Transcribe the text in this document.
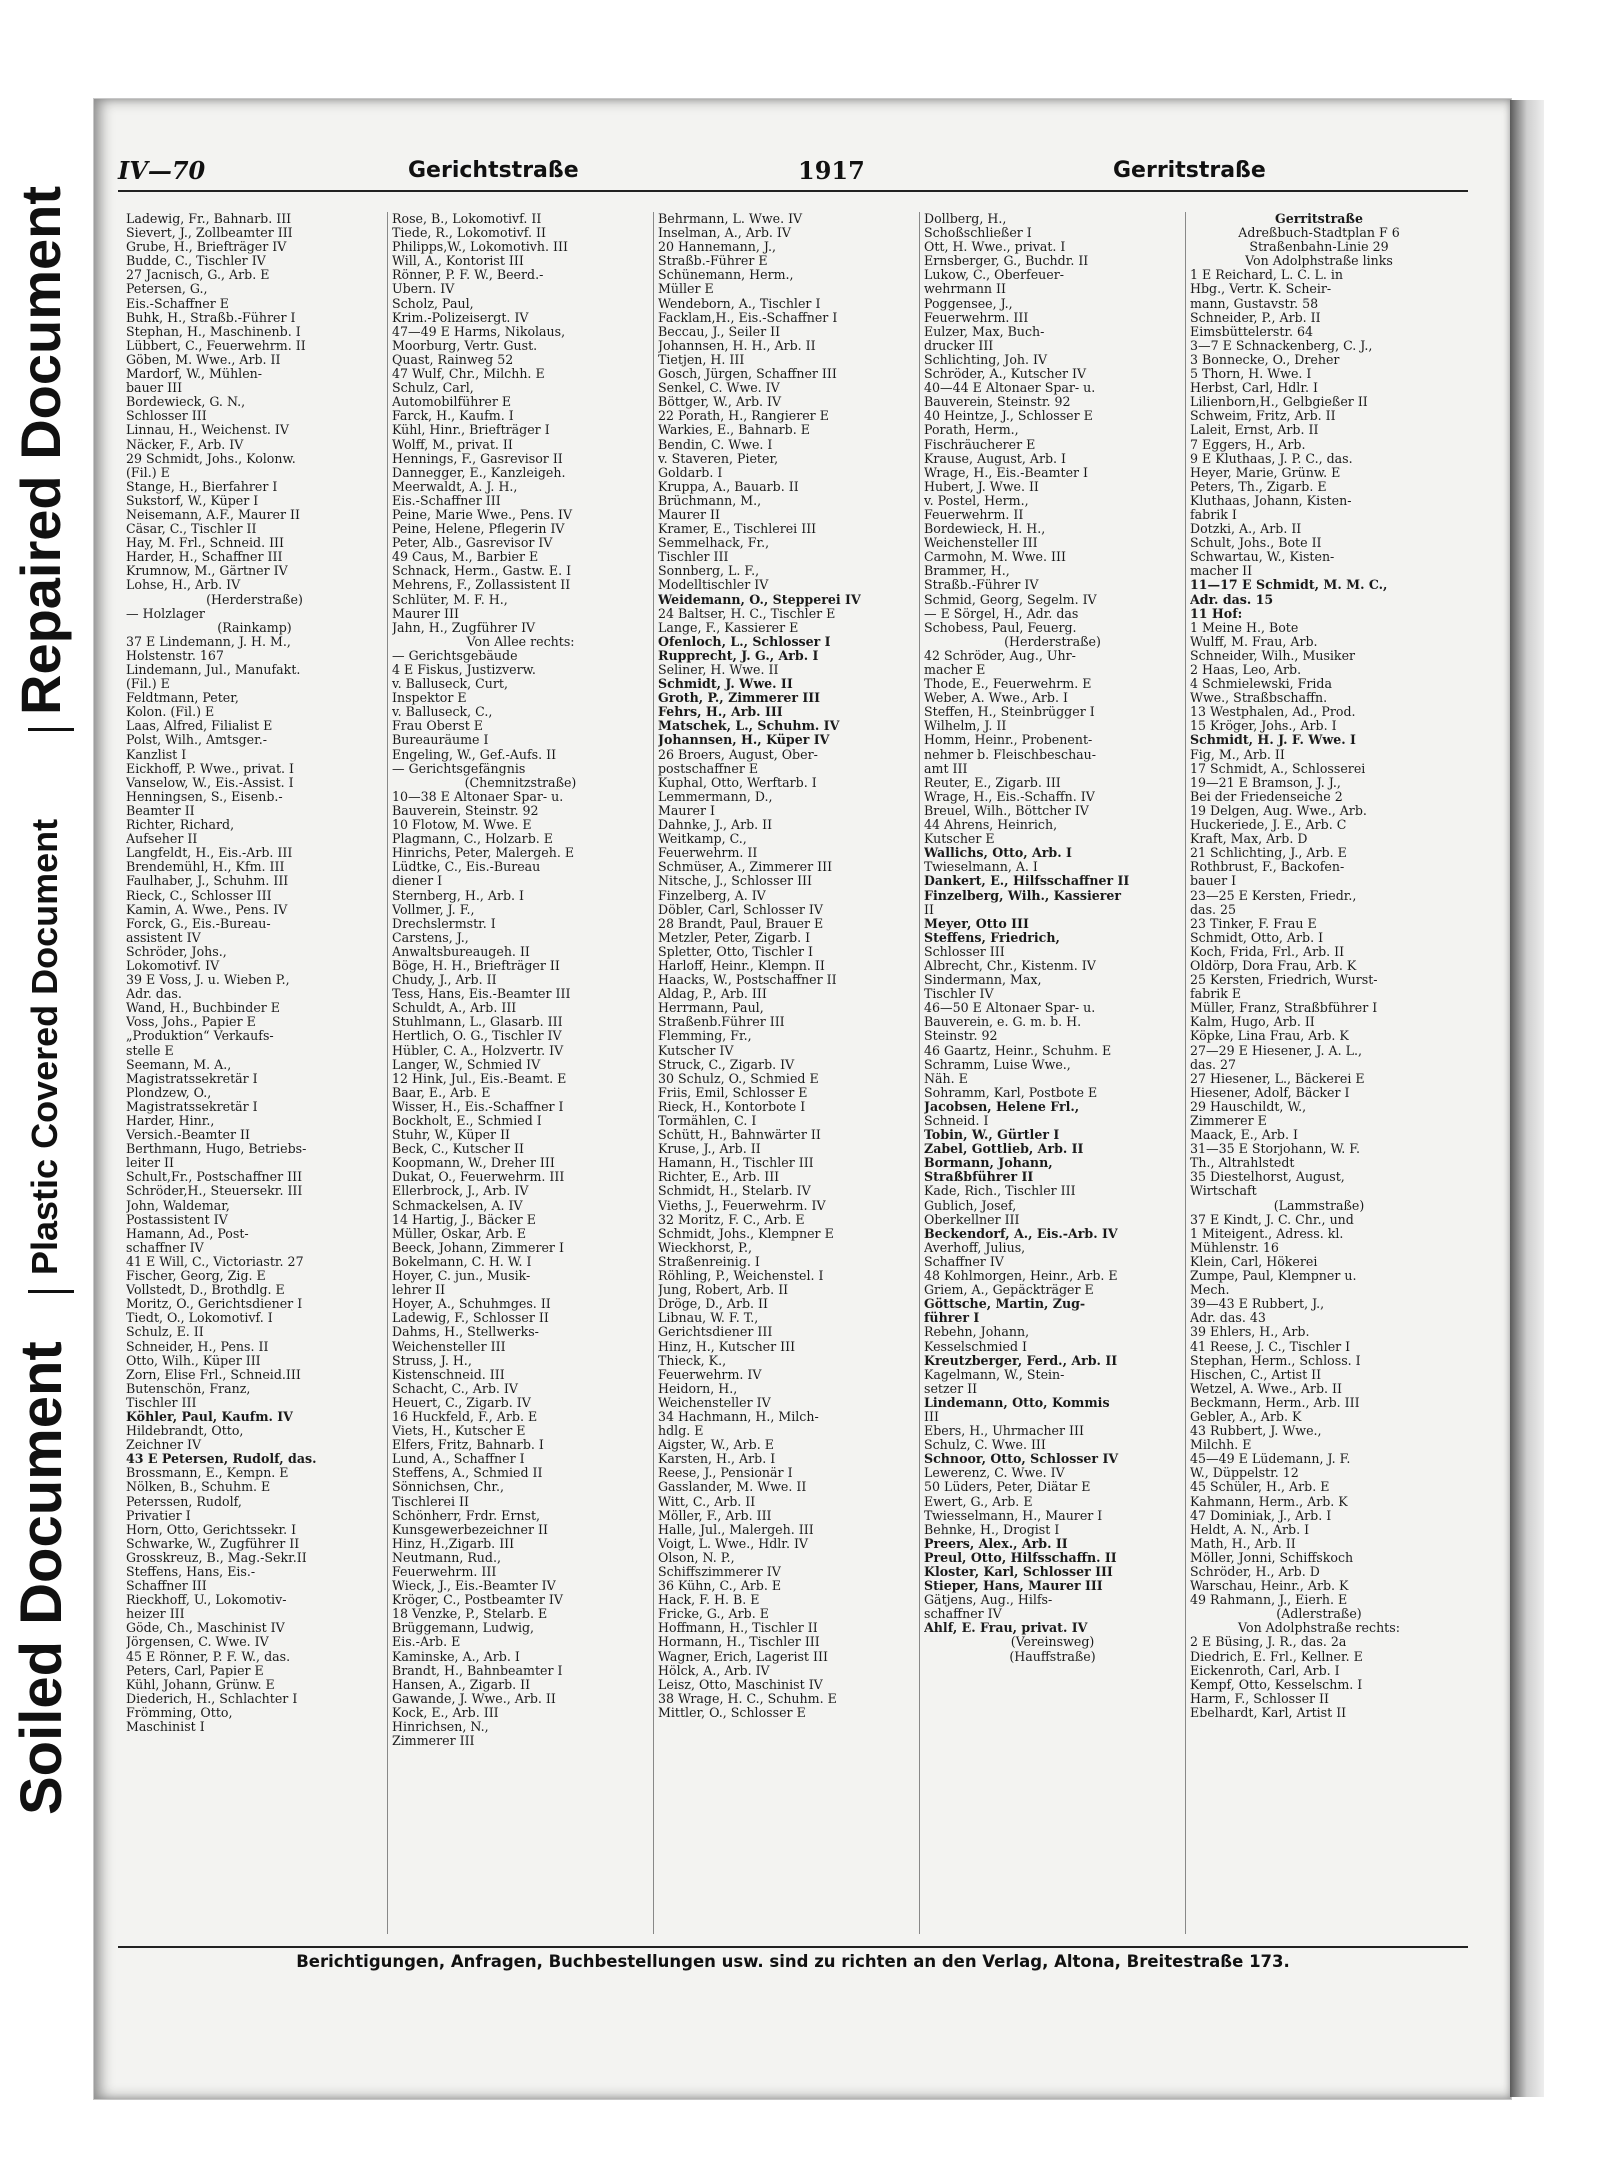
Soiled Document
Plastic Covered Document
Repaired Document
IV—70	Gerichtstraße	1917	Gerritstraße
Ladewig, Fr., Bahnarb. III
Sievert, J., Zollbeamter III
Grube, H., Briefträger IV
Budde, C., Tischler IV
27 Jacnisch, G., Arb. E
Petersen, G.,
Eis.-Schaffner E
Buhk, H., Straßb.-Führer I
Stephan, H., Maschinenb. I
Lübbert, C., Feuerwehrm. II
Göben, M. Wwe., Arb. II
Mardorf, W., Mühlen-
bauer III
Bordewieck, G. N.,
Schlosser III
Linnau, H., Weichenst. IV
Näcker, F., Arb. IV
29 Schmidt, Johs., Kolonw.
(Fil.) E
Stange, H., Bierfahrer I
Sukstorf, W., Küper I
Neisemann, A.F., Maurer II
Cäsar, C., Tischler II
Hay, M. Frl., Schneid. III
Harder, H., Schaffner III
Krumnow, M., Gärtner IV
Lohse, H., Arb. IV
(Herderstraße)
— Holzlager
(Rainkamp)
37 E Lindemann, J. H. M.,
Holstenstr. 167
Lindemann, Jul., Manufakt.
(Fil.) E
Feldtmann, Peter,
Kolon. (Fil.) E
Laas, Alfred, Filialist E
Polst, Wilh., Amtsger.-
Kanzlist I
Eickhoff, P. Wwe., privat. I
Vanselow, W., Eis.-Assist. I
Henningsen, S., Eisenb.-
Beamter II
Richter, Richard,
Aufseher II
Langfeldt, H., Eis.-Arb. III
Brendemühl, H., Kfm. III
Faulhaber, J., Schuhm. III
Rieck, C., Schlosser III
Kamin, A. Wwe., Pens. IV
Forck, G., Eis.-Bureau-
assistent IV
Schröder, Johs.,
Lokomotivf. IV
39 E Voss, J. u. Wieben P.,
Adr. das.
Wand, H., Buchbinder E
Voss, Johs., Papier E
„Produktion“ Verkaufs-
stelle E
Seemann, M. A.,
Magistratssekretär I
Plondzew, O.,
Magistratssekretär I
Harder, Hinr.,
Versich.-Beamter II
Berthmann, Hugo, Betriebs-
leiter II
Schult,Fr., Postschaffner III
Schröder,H., Steuersekr. III
John, Waldemar,
Postassistent IV
Hamann, Ad., Post-
schaffner IV
41 E Will, C., Victoriastr. 27
Fischer, Georg, Zig. E
Vollstedt, D., Brothdlg. E
Moritz, O., Gerichtsdiener I
Tiedt, O., Lokomotivf. I
Schulz, E. II
Schneider, H., Pens. II
Otto, Wilh., Küper III
Zorn, Elise Frl., Schneid.III
Butenschön, Franz,
Tischler III
Köhler, Paul, Kaufm. IV
Hildebrandt, Otto,
Zeichner IV
43 E Petersen, Rudolf, das.
Brossmann, E., Kempn. E
Nölken, B., Schuhm. E
Peterssen, Rudolf,
Privatier I
Horn, Otto, Gerichtssekr. I
Schwarke, W., Zugführer II
Grosskreuz, B., Mag.-Sekr.II
Steffens, Hans, Eis.-
Schaffner III
Rieckhoff, U., Lokomotiv-
heizer III
Göde, Ch., Maschinist IV
Jörgensen, C. Wwe. IV
45 E Rönner, P. F. W., das.
Peters, Carl, Papier E
Kühl, Johann, Grünw. E
Diederich, H., Schlachter I
Frömming, Otto,
Maschinist I
Rose, B., Lokomotivf. II
Tiede, R., Lokomotivf. II
Philipps,W., Lokomotivh. III
Will, A., Kontorist III
Rönner, P. F. W., Beerd.-
Übern. IV
Scholz, Paul,
Krim.-Polizeisergt. IV
47—49 E Harms, Nikolaus,
Moorburg, Vertr. Gust.
Quast, Rainweg 52
47 Wulf, Chr., Milchh. E
Schulz, Carl,
Automobilführer E
Farck, H., Kaufm. I
Kühl, Hinr., Briefträger I
Wolff, M., privat. II
Hennings, F., Gasrevisor II
Dannegger, E., Kanzleigeh.
Meerwaldt, A. J. H.,
Eis.-Schaffner III
Peine, Marie Wwe., Pens. IV
Peine, Helene, Pflegerin IV
Peter, Alb., Gasrevisor IV
49 Caus, M., Barbier E
Schnack, Herm., Gastw. E. I
Mehrens, F., Zollassistent II
Schlüter, M. F. H.,
Maurer III
Jahn, H., Zugführer IV
Von Allee rechts:
— Gerichtsgebäude
4 E Fiskus, Justizverw.
v. Balluseck, Curt,
Inspektor E
v. Balluseck, C.,
Frau Oberst E
Bureauräume I
Engeling, W., Gef.-Aufs. II
— Gerichtsgefängnis
(Chemnitzstraße)
10—38 E Altonaer Spar- u.
Bauverein, Steinstr. 92
10 Flotow, M. Wwe. E
Plagmann, C., Holzarb. E
Hinrichs, Peter, Malergeh. E
Lüdtke, C., Eis.-Bureau
diener I
Sternberg, H., Arb. I
Vollmer, J. F.,
Drechslermstr. I
Carstens, J.,
Anwaltsbureaugeh. II
Böge, H. H., Briefträger II
Chudy, J., Arb. II
Tess, Hans, Eis.-Beamter III
Schuldt, A., Arb. III
Stuhlmann, L., Glasarb. III
Hertlich, O. G., Tischler IV
Hübler, C. A., Holzvertr. IV
Langer, W., Schmied IV
12 Hink, Jul., Eis.-Beamt. E
Baar, E., Arb. E
Wisser, H., Eis.-Schaffner I
Bockholt, E., Schmied I
Stuhr, W., Küper II
Beck, C., Kutscher II
Koopmann, W., Dreher III
Dukat, O., Feuerwehrm. III
Ellerbrock, J., Arb. IV
Schmackelsen, A. IV
14 Hartig, J., Bäcker E
Müller, Oskar, Arb. E
Beeck, Johann, Zimmerer I
Bokelmann, C. H. W. I
Hoyer, C. jun., Musik-
lehrer II
Hoyer, A., Schuhmges. II
Ladewig, F., Schlosser II
Dahms, H., Stellwerks-
Weichensteller III
Struss, J. H.,
Kistenschneid. III
Schacht, C., Arb. IV
Heuert, C., Zigarb. IV
16 Huckfeld, F., Arb. E
Viets, H., Kutscher E
Elfers, Fritz, Bahnarb. I
Lund, A., Schaffner I
Steffens, A., Schmied II
Sönnichsen, Chr.,
Tischlerei II
Schönherr, Frdr. Ernst,
Kunsgewerbezeichner II
Hinz, H.,Zigarb. III
Neutmann, Rud.,
Feuerwehrm. III
Wieck, J., Eis.-Beamter IV
Kröger, C., Postbeamter IV
18 Venzke, P., Stelarb. E
Brüggemann, Ludwig,
Eis.-Arb. E
Kaminske, A., Arb. I
Brandt, H., Bahnbeamter I
Hansen, A., Zigarb. II
Gawande, J. Wwe., Arb. II
Kock, E., Arb. III
Hinrichsen, N.,
Zimmerer III
Behrmann, L. Wwe. IV
Inselman, A., Arb. IV
20 Hannemann, J.,
Straßb.-Führer E
Schünemann, Herm.,
Müller E
Wendeborn, A., Tischler I
Facklam,H., Eis.-Schaffner I
Beccau, J., Seiler II
Johannsen, H. H., Arb. II
Tietjen, H. III
Gosch, Jürgen, Schaffner III
Senkel, C. Wwe. IV
Böttger, W., Arb. IV
22 Porath, H., Rangierer E
Warkies, E., Bahnarb. E
Bendin, C. Wwe. I
v. Staveren, Pieter,
Goldarb. I
Kruppa, A., Bauarb. II
Brüchmann, M.,
Maurer II
Kramer, E., Tischlerei III
Semmelhack, Fr.,
Tischler III
Sonnberg, L. F.,
Modelltischler IV
Weidemann, O., Stepperei IV
24 Baltser, H. C., Tischler E
Lange, F., Kassierer E
Ofenloch, L., Schlosser I
Rupprecht, J. G., Arb. I
Seliner, H. Wwe. II
Schmidt, J. Wwe. II
Groth, P., Zimmerer III
Fehrs, H., Arb. III
Matschek, L., Schuhm. IV
Johannsen, H., Küper IV
26 Broers, August, Ober-
postschaffner E
Kuphal, Otto, Werftarb. I
Lemmermann, D.,
Maurer I
Dahnke, J., Arb. II
Weitkamp, C.,
Feuerwehrm. II
Schmüser, A., Zimmerer III
Nitsche, J., Schlosser III
Finzelberg, A. IV
Döbler, Carl, Schlosser IV
28 Brandt, Paul, Brauer E
Metzler, Peter, Zigarb. I
Spletter, Otto, Tischler I
Harloff, Heinr., Klempn. II
Haacks, W., Postschaffner II
Aldag, P., Arb. III
Herrmann, Paul,
Straßenb.Führer III
Flemming, Fr.,
Kutscher IV
Struck, C., Zigarb. IV
30 Schulz, O., Schmied E
Friis, Emil, Schlosser E
Rieck, H., Kontorbote I
Tormählen, C. I
Schütt, H., Bahnwärter II
Kruse, J., Arb. II
Hamann, H., Tischler III
Richter, E., Arb. III
Schmidt, H., Stelarb. IV
Vieths, J., Feuerwehrm. IV
32 Moritz, F. C., Arb. E
Schmidt, Johs., Klempner E
Wieckhorst, P.,
Straßenreinig. I
Röhling, P., Weichenstel. I
Jung, Robert, Arb. II
Dröge, D., Arb. II
Libnau, W. F. T.,
Gerichtsdiener III
Hinz, H., Kutscher III
Thieck, K.,
Feuerwehrm. IV
Heidorn, H.,
Weichensteller IV
34 Hachmann, H., Milch-
hdlg. E
Aigster, W., Arb. E
Karsten, H., Arb. I
Reese, J., Pensionär I
Gasslander, M. Wwe. II
Witt, C., Arb. II
Möller, F., Arb. III
Halle, Jul., Malergeh. III
Voigt, L. Wwe., Hdlr. IV
Olson, N. P.,
Schiffszimmerer IV
36 Kühn, C., Arb. E
Hack, F. H. B. E
Fricke, G., Arb. E
Hoffmann, H., Tischler II
Hormann, H., Tischler III
Wagner, Erich, Lagerist III
Hölck, A., Arb. IV
Leisz, Otto, Maschinist IV
38 Wrage, H. C., Schuhm. E
Mittler, O., Schlosser E
Dollberg, H.,
Schoßschließer I
Ott, H. Wwe., privat. I
Ernsberger, G., Buchdr. II
Lukow, C., Oberfeuer-
wehrmann II
Poggensee, J.,
Feuerwehrm. III
Eulzer, Max, Buch-
drucker III
Schlichting, Joh. IV
Schröder, A., Kutscher IV
40—44 E Altonaer Spar- u.
Bauverein, Steinstr. 92
40 Heintze, J., Schlosser E
Porath, Herm.,
Fischräucherer E
Krause, August, Arb. I
Wrage, H., Eis.-Beamter I
Hubert, J. Wwe. II
v. Postel, Herm.,
Feuerwehrm. II
Bordewieck, H. H.,
Weichensteller III
Carmohn, M. Wwe. III
Brammer, H.,
Straßb.-Führer IV
Schmid, Georg, Segelm. IV
— E Sörgel, H., Adr. das
Schobess, Paul, Feuerg.
(Herderstraße)
42 Schröder, Aug., Uhr-
macher E
Thode, E., Feuerwehrm. E
Weber, A. Wwe., Arb. I
Steffen, H., Steinbrügger I
Wilhelm, J. II
Homm, Heinr., Probenent-
nehmer b. Fleischbeschau-
amt III
Reuter, E., Zigarb. III
Wrage, H., Eis.-Schaffn. IV
Breuel, Wilh., Böttcher IV
44 Ahrens, Heinrich,
Kutscher E
Wallichs, Otto, Arb. I
Twieselmann, A. I
Dankert, E., Hilfsschaffner II
Finzelberg, Wilh., Kassierer
II
Meyer, Otto III
Steffens, Friedrich,
Schlosser III
Albrecht, Chr., Kistenm. IV
Sindermann, Max,
Tischler IV
46—50 E Altonaer Spar- u.
Bauverein, e. G. m. b. H.
Steinstr. 92
46 Gaartz, Heinr., Schuhm. E
Schramm, Luise Wwe.,
Näh. E
Sohramm, Karl, Postbote E
Jacobsen, Helene Frl.,
Schneid. I
Tobin, W., Gürtler I
Zabel, Gottlieb, Arb. II
Bormann, Johann,
Straßbführer II
Kade, Rich., Tischler III
Gublich, Josef,
Oberkellner III
Beckendorf, A., Eis.-Arb. IV
Averhoff, Julius,
Schaffner IV
48 Kohlmorgen, Heinr., Arb. E
Griem, A., Gepäckträger E
Göttsche, Martin, Zug-
führer I
Rebehn, Johann,
Kesselschmied I
Kreutzberger, Ferd., Arb. II
Kagelmann, W., Stein-
setzer II
Lindemann, Otto, Kommis
III
Ebers, H., Uhrmacher III
Schulz, C. Wwe. III
Schnoor, Otto, Schlosser IV
Lewerenz, C. Wwe. IV
50 Lüders, Peter, Diätar E
Ewert, G., Arb. E
Twiesselmann, H., Maurer I
Behnke, H., Drogist I
Preers, Alex., Arb. II
Preul, Otto, Hilfsschaffn. II
Kloster, Karl, Schlosser III
Stieper, Hans, Maurer III
Gätjens, Aug., Hilfs-
schaffner IV
Ahlf, E. Frau, privat. IV
(Vereinsweg)
(Hauffstraße)
Gerritstraße
Adreßbuch-Stadtplan F 6
Straßenbahn-Linie 29
Von Adolphstraße links
1 E Reichard, L. C. L. in
Hbg., Vertr. K. Scheir-
mann, Gustavstr. 58
Schneider, P., Arb. II
Eimsbüttelerstr. 64
3—7 E Schnackenberg, C. J.,
3 Bonnecke, O., Dreher
5 Thorn, H. Wwe. I
Herbst, Carl, Hdlr. I
Lilienborn,H., Gelbgießer II
Schweim, Fritz, Arb. II
Laleit, Ernst, Arb. II
7 Eggers, H., Arb.
9 E Kluthaas, J. P. C., das.
Heyer, Marie, Grünw. E
Peters, Th., Zigarb. E
Kluthaas, Johann, Kisten-
fabrik I
Dotzki, A., Arb. II
Schult, Johs., Bote II
Schwartau, W., Kisten-
macher II
11—17 E Schmidt, M. M. C.,
Adr. das. 15
11 Hof:
1 Meine H., Bote
Wulff, M. Frau, Arb.
Schneider, Wilh., Musiker
2 Haas, Leo, Arb.
4 Schmielewski, Frida
Wwe., Straßbschaffn.
13 Westphalen, Ad., Prod.
15 Kröger, Johs., Arb. I
Schmidt, H. J. F. Wwe. I
Fig, M., Arb. II
17 Schmidt, A., Schlosserei
19—21 E Bramson, J. J.,
Bei der Friedenseiche 2
19 Delgen, Aug. Wwe., Arb.
Huckeriede, J. E., Arb. C
Kraft, Max, Arb. D
21 Schlichting, J., Arb. E
Rothbrust, F., Backofen-
bauer I
23—25 E Kersten, Friedr.,
das. 25
23 Tinker, F. Frau E
Schmidt, Otto, Arb. I
Koch, Frida, Frl., Arb. II
Oldörp, Dora Frau, Arb. K
25 Kersten, Friedrich, Wurst-
fabrik E
Müller, Franz, Straßbführer I
Kalm, Hugo, Arb. II
Köpke, Lina Frau, Arb. K
27—29 E Hiesener, J. A. L.,
das. 27
27 Hiesener, L., Bäckerei E
Hiesener, Adolf, Bäcker I
29 Hauschildt, W.,
Zimmerer E
Maack, E., Arb. I
31—35 E Storjohann, W. F.
Th., Altrahlstedt
35 Diestelhorst, August,
Wirtschaft
(Lammstraße)
37 E Kindt, J. C. Chr., und
1 Miteigent., Adress. kl.
Mühlenstr. 16
Klein, Carl, Hökerei
Zumpe, Paul, Klempner u.
Mech.
39—43 E Rubbert, J.,
Adr. das. 43
39 Ehlers, H., Arb.
41 Reese, J. C., Tischler I
Stephan, Herm., Schloss. I
Hischen, C., Artist II
Wetzel, A. Wwe., Arb. II
Beckmann, Herm., Arb. III
Gebler, A., Arb. K
43 Rubbert, J. Wwe.,
Milchh. E
45—49 E Lüdemann, J. F.
W., Düppelstr. 12
45 Schüler, H., Arb. E
Kahmann, Herm., Arb. K
47 Dominiak, J., Arb. I
Heldt, A. N., Arb. I
Math, H., Arb. II
Möller, Jonni, Schiffskoch
Schröder, H., Arb. D
Warschau, Heinr., Arb. K
49 Rahmann, J., Eierh. E
(Adlerstraße)
Von Adolphstraße rechts:
2 E Büsing, J. R., das. 2a
Diedrich, E. Frl., Kellner. E
Eickenroth, Carl, Arb. I
Kempf, Otto, Kesselschm. I
Harm, F., Schlosser II
Ebelhardt, Karl, Artist II
Berichtigungen, Anfragen, Buchbestellungen usw. sind zu richten an den Verlag, Altona, Breitestraße 173.
